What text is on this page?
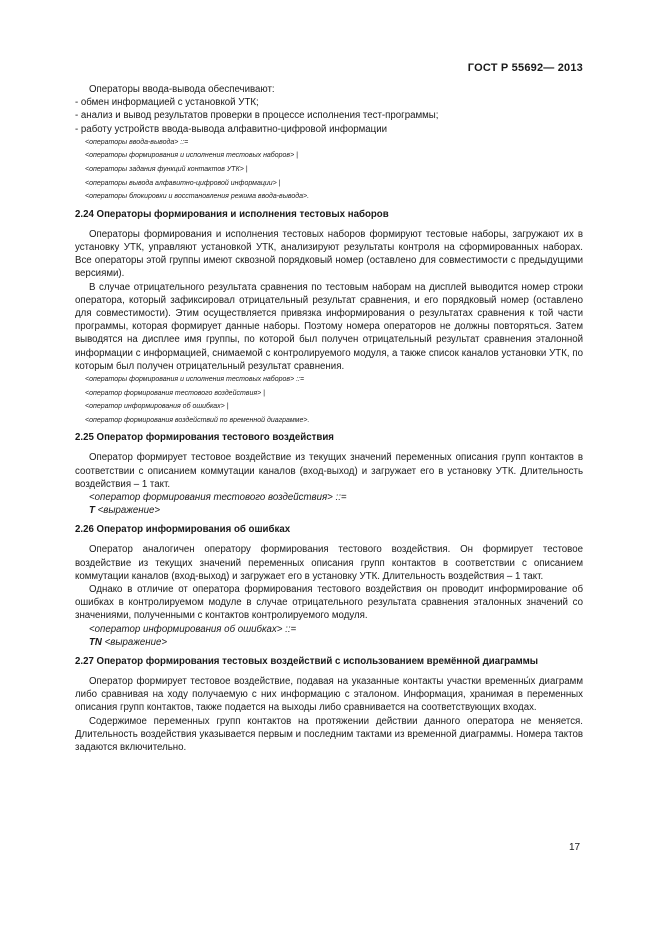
ГОСТ Р 55692— 2013

Операторы ввода-вывода обеспечивают:

- обмен информацией с установкой УТК;

- анализ и вывод результатов проверки в процессе исполнения тест-программы;

- работу устройств ввода-вывода алфавитно-цифровой информации

<операторы ввода-вывода> ::=

<операторы формирования и исполнения тестовых наборов> |

<операторы задания функций контактов УТК> |

<операторы вывода алфавитно-цифровой информации> |

<операторы блокировки и восстановления режима ввода-вывода>.

2.24 Операторы формирования и исполнения тестовых наборов

Операторы формирования и исполнения тестовых наборов формируют тестовые наборы, загружают их в установку УТК, управляют установкой УТК, анализируют результаты контроля на сформированных наборах. Все операторы этой группы имеют сквозной порядковый номер (оставлено для совместимости с предыдущими версиями).

В случае отрицательного результата сравнения по тестовым наборам на дисплей выводится номер строки оператора, который зафиксировал отрицательный результат сравнения, и его порядковый номер (оставлено для совместимости). Этим осуществляется привязка информирования о результатах сравнения к той части программы, которая формирует данные наборы. Поэтому номера операторов не должны повторяться. Затем выводятся на дисплее имя группы, по которой был получен отрицательный результат сравнения эталонной информации с информацией, снимаемой с контролируемого модуля, а также список каналов установки УТК, по которым был получен отрицательный результат сравнения.

<операторы формирования и исполнения тестовых наборов> ::=

<оператор формирования тестового воздействия> |

<оператор информирования об ошибках> |

<оператор формирования воздействий по временной диаграмме>.

2.25 Оператор формирования тестового воздействия

Оператор формирует тестовое воздействие из текущих значений переменных описания групп контактов в соответствии с описанием коммутации каналов (вход-выход) и загружает его в установку УТК. Длительность воздействия – 1 такт.

<оператор формирования тестового воздействия> ::=

T <выражение>

2.26 Оператор информирования об ошибках

Оператор аналогичен оператору формирования тестового воздействия. Он формирует тестовое воздействие из текущих значений переменных описания групп контактов в соответствии с описанием коммутации каналов (вход-выход) и загружает его в установку УТК. Длительность воздействия – 1 такт.

Однако в отличие от оператора формирования тестового воздействия он проводит информирование об ошибках в контролируемом модуле в случае отрицательного результата сравнения эталонных значений со значениями, полученными с контактов контролируемого модуля.

<оператор информирования об ошибках> ::=

TN <выражение>

2.27 Оператор формирования тестовых воздействий с использованием времённой диаграммы

Оператор формирует тестовое воздействие, подавая на указанные контакты участки временны́х диаграмм либо сравнивая на ходу получаемую с них информацию с эталоном. Информация, хранимая в переменных описания групп контактов, также подается на выходы либо сравнивается на соответствующих входах.

Содержимое переменных групп контактов на протяжении действии данного оператора не меняется. Длительность воздействия указывается первым и последним тактами из временной диаграммы. Номера тактов задаются включительно.

17
